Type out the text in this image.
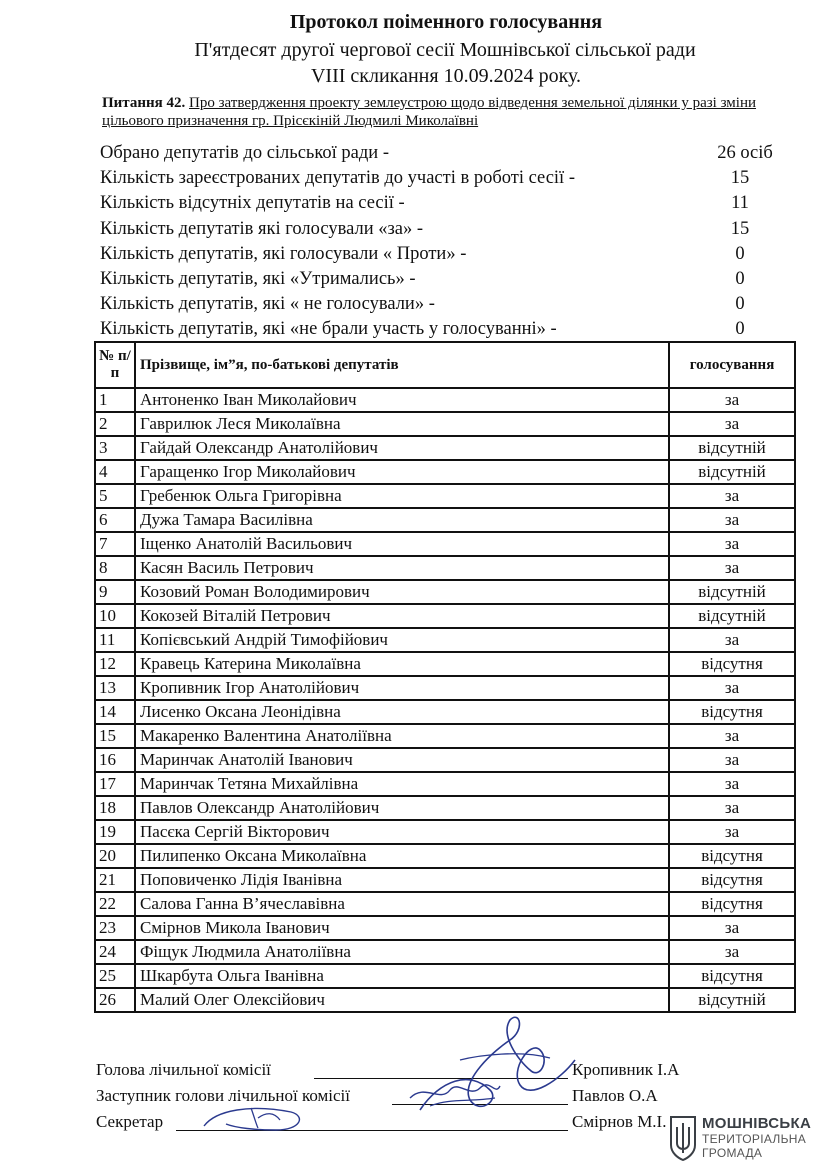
Протокол поіменного голосування
П'ятдесят другої чергової сесії Мошнівської сільської ради
VIII скликання 10.09.2024 року.
Питання 42. Про затвердження проекту землеустрою щодо відведення земельної ділянки у разі зміни цільового призначення гр. Прісєкіній Людмилі Миколаївні
Обрано депутатів до сільської ради -	26 осіб
Кількість зареєстрованих депутатів до участі в роботі сесії -	15
Кількість відсутніх депутатів на сесії -	11
Кількість депутатів які голосували «за» -	15
Кількість депутатів, які голосували « Проти» -	0
Кількість депутатів, які «Утрималиcь» -	0
Кількість депутатів, які « не голосували» -	0
Кількість депутатів, які «не брали участь у голосуванні» -	0
№ п/п	Прізвище, ім”я, по-батькові депутатів	голосування
1	Антоненко Іван Миколайович	за
2	Гаврилюк Леся Миколаївна	за
3	Гайдай Олександр Анатолійович	відсутній
4	Гаращенко Ігор Миколайович	відсутній
5	Гребенюк Ольга Григорівна	за
6	Дужа Тамара Василівна	за
7	Іщенко Анатолій Васильович	за
8	Касян Василь Петрович	за
9	Козовий Роман Володимирович	відсутній
10	Кокозей Віталій Петрович	відсутній
11	Копієвський Андрій Тимофійович	за
12	Кравець Катерина Миколаївна	відсутня
13	Кропивник Ігор Анатолійович	за
14	Лисенко Оксана Леонідівна	відсутня
15	Макаренко Валентина Анатоліївна	за
16	Маринчак Анатолій Іванович	за
17	Маринчак Тетяна Михайлівна	за
18	Павлов Олександр Анатолійович	за
19	Пасєка Сергій Вікторович	за
20	Пилипенко Оксана Миколаївна	відсутня
21	Поповиченко Лідія Іванівна	відсутня
22	Салова Ганна В’ячеславівна	відсутня
23	Смірнов Микола Іванович	за
24	Фіщук Людмила Анатоліївна	за
25	Шкарбута Ольга Іванівна	відсутня
26	Малий Олег Олексійович	відсутній
Голова лічильної комісії	Кропивник І.А
Заступник голови лічильної комісії	Павлов О.А
Секретар	Смірнов М.І. МОШНІВСЬКА
ТЕРИТОРІАЛЬНА
ГРОМАДА
